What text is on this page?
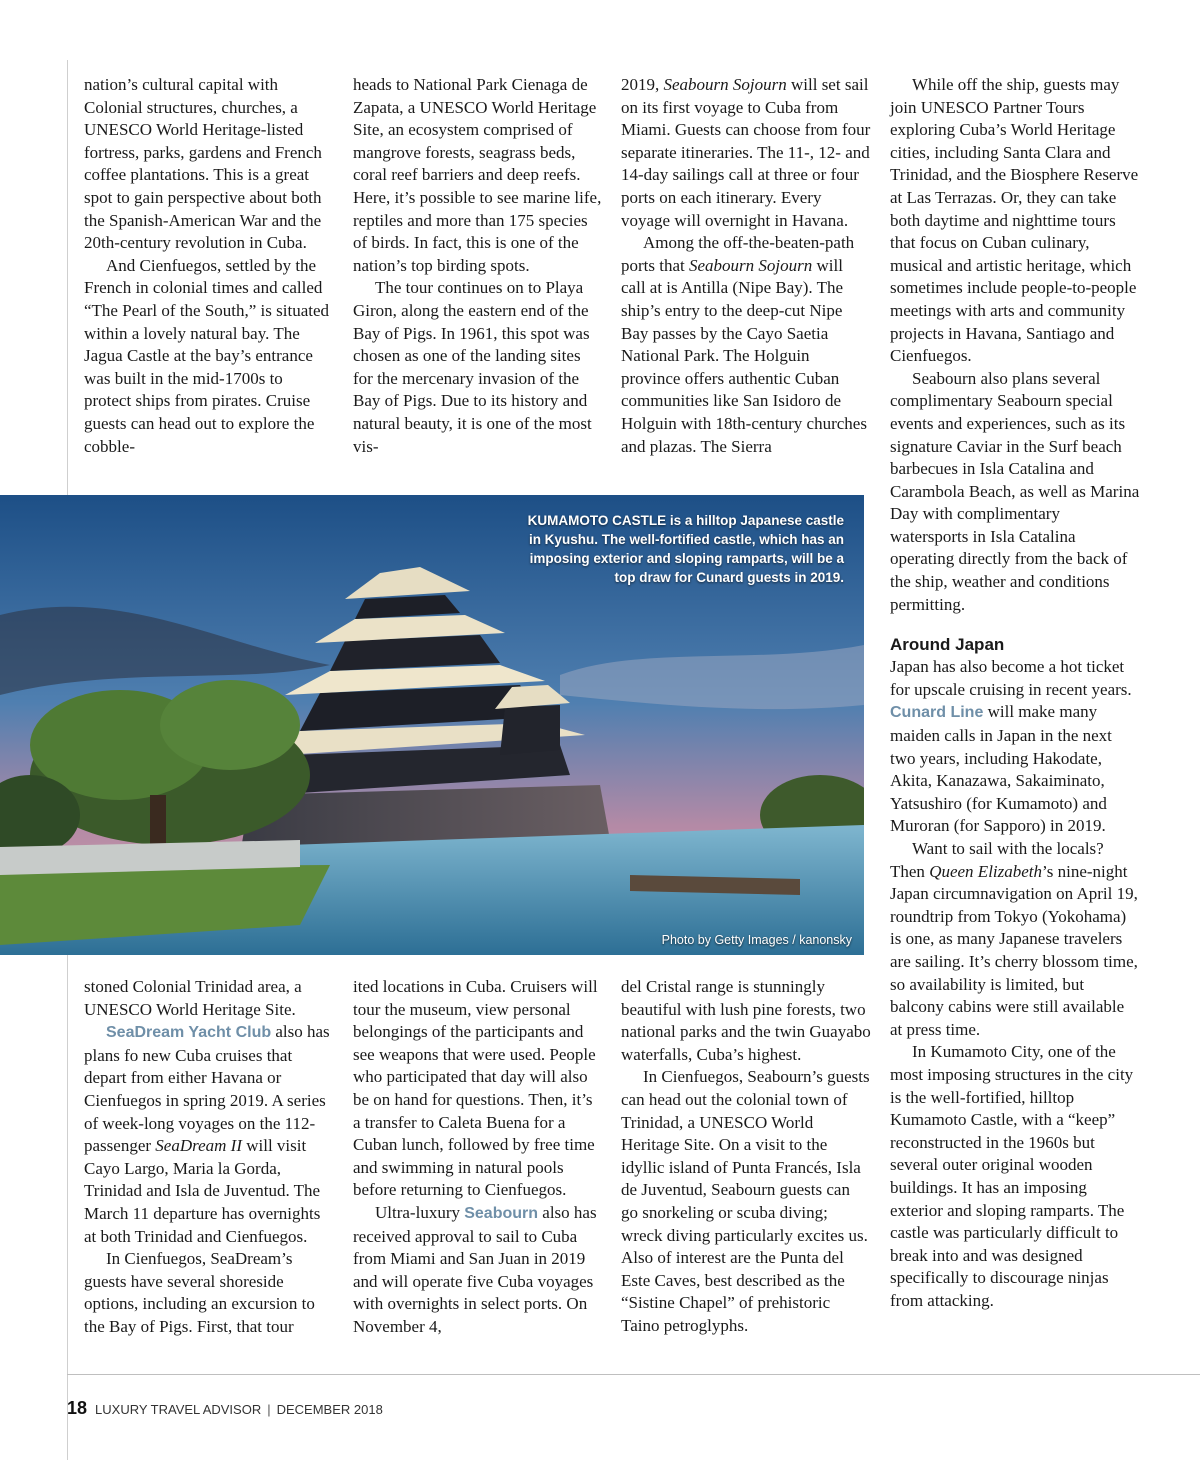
nation’s cultural capital with Colonial structures, churches, a UNESCO World Heritage-listed fortress, parks, gardens and French coffee plantations. This is a great spot to gain perspective about both the Spanish-American War and the 20th-century revolution in Cuba.

And Cienfuegos, settled by the French in colonial times and called “The Pearl of the South,” is situated within a lovely natural bay. The Jagua Castle at the bay’s entrance was built in the mid-1700s to protect ships from pirates. Cruise guests can head out to explore the cobble-

heads to National Park Cienaga de Zapata, a UNESCO World Heritage Site, an ecosystem comprised of mangrove forests, seagrass beds, coral reef barriers and deep reefs. Here, it’s possible to see marine life, reptiles and more than 175 species of birds. In fact, this is one of the nation’s top birding spots.

The tour continues on to Playa Giron, along the eastern end of the Bay of Pigs. In 1961, this spot was chosen as one of the landing sites for the mercenary invasion of the Bay of Pigs. Due to its history and natural beauty, it is one of the most vis-

2019, Seabourn Sojourn will set sail on its first voyage to Cuba from Miami. Guests can choose from four separate itineraries. The 11-, 12- and 14-day sailings call at three or four ports on each itinerary. Every voyage will overnight in Havana.

Among the off-the-beaten-path ports that Seabourn Sojourn will call at is Antilla (Nipe Bay). The ship’s entry to the deep-cut Nipe Bay passes by the Cayo Saetia National Park. The Holguin province offers authentic Cuban communities like San Isidoro de Holguin with 18th-century churches and plazas. The Sierra

While off the ship, guests may join UNESCO Partner Tours exploring Cuba’s World Heritage cities, including Santa Clara and Trinidad, and the Biosphere Reserve at Las Terrazas. Or, they can take both daytime and nighttime tours that focus on Cuban culinary, musical and artistic heritage, which sometimes include people-to-people meetings with arts and community projects in Havana, Santiago and Cienfuegos.

Seabourn also plans several complimentary Seabourn special events and experiences, such as its signature Caviar in the Surf beach barbecues in Isla Catalina and Carambola Beach, as well as Marina Day with complimentary watersports in Isla Catalina operating directly from the back of the ship, weather and conditions permitting.

Around Japan

Japan has also become a hot ticket for upscale cruising in recent years. Cunard Line will make many maiden calls in Japan in the next two years, including Hakodate, Akita, Kanazawa, Sakaiminato, Yatsushiro (for Kumamoto) and Muroran (for Sapporo) in 2019.

Want to sail with the locals? Then Queen Elizabeth’s nine-night Japan circumnavigation on April 19, roundtrip from Tokyo (Yokohama) is one, as many Japanese travelers are sailing. It’s cherry blossom time, so availability is limited, but balcony cabins were still available at press time.

In Kumamoto City, one of the most imposing structures in the city is the well-fortified, hilltop Kumamoto Castle, with a “keep” reconstructed in the 1960s but several outer original wooden buildings. It has an imposing exterior and sloping ramparts. The castle was particularly difficult to break into and was designed specifically to discourage ninjas from attacking.

KUMAMOTO CASTLE is a hilltop Japanese castle in Kyushu. The well-fortified castle, which has an imposing exterior and sloping ramparts, will be a top draw for Cunard guests in 2019.
Photo by Getty Images / kanonsky

stoned Colonial Trinidad area, a UNESCO World Heritage Site.

SeaDream Yacht Club also has plans fo new Cuba cruises that depart from either Havana or Cienfuegos in spring 2019. A series of week-long voyages on the 112-passenger SeaDream II will visit Cayo Largo, Maria la Gorda, Trinidad and Isla de Juventud. The March 11 departure has overnights at both Trinidad and Cienfuegos.

In Cienfuegos, SeaDream’s guests have several shoreside options, including an excursion to the Bay of Pigs. First, that tour

ited locations in Cuba. Cruisers will tour the museum, view personal belongings of the participants and see weapons that were used. People who participated that day will also be on hand for questions. Then, it’s a transfer to Caleta Buena for a Cuban lunch, followed by free time and swimming in natural pools before returning to Cienfuegos.

Ultra-luxury Seabourn also has received approval to sail to Cuba from Miami and San Juan in 2019 and will operate five Cuba voyages with overnights in select ports. On November 4,

del Cristal range is stunningly beautiful with lush pine forests, two national parks and the twin Guayabo waterfalls, Cuba’s highest.

In Cienfuegos, Seabourn’s guests can head out the colonial town of Trinidad, a UNESCO World Heritage Site. On a visit to the idyllic island of Punta Francés, Isla de Juventud, Seabourn guests can go snorkeling or scuba diving; wreck diving particularly excites us. Also of interest are the Punta del Este Caves, best described as the “Sistine Chapel” of prehistoric Taino petroglyphs.

18 LUXURY TRAVEL ADVISOR | DECEMBER 2018
